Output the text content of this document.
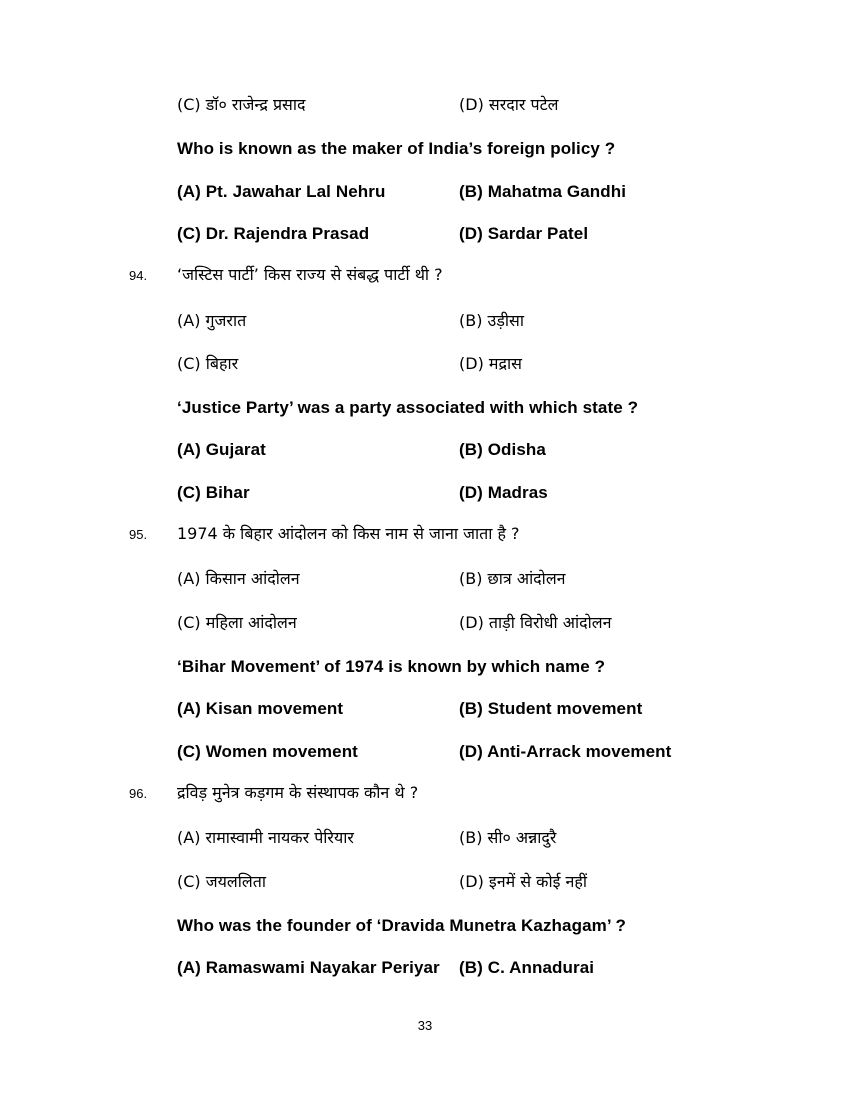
(C) डॉ० राजेन्द्र प्रसाद	(D) सरदार पटेल
Who is known as the maker of India’s foreign policy ?
(A) Pt. Jawahar Lal Nehru	(B) Mahatma Gandhi
(C) Dr. Rajendra Prasad	(D) Sardar Patel
94. ‘जस्टिस पार्टी’ किस राज्य से संबद्ध पार्टी थी ?
(A) गुजरात	(B) उड़ीसा
(C) बिहार	(D) मद्रास
‘Justice Party’ was a party associated with which state ?
(A) Gujarat	(B) Odisha
(C) Bihar	(D) Madras
95. 1974 के बिहार आंदोलन को किस नाम से जाना जाता है ?
(A) किसान आंदोलन	(B) छात्र आंदोलन
(C) महिला आंदोलन	(D) ताड़ी विरोधी आंदोलन
‘Bihar Movement’ of 1974 is known by which name ?
(A) Kisan movement	(B) Student movement
(C) Women movement	(D) Anti-Arrack movement
96. द्रविड़ मुनेत्र कड़गम के संस्थापक कौन थे ?
(A) रामास्वामी नायकर पेरियार	(B) सी० अन्नादुरै
(C) जयललिता	(D) इनमें से कोई नहीं
Who was the founder of ‘Dravida Munetra Kazhagam’ ?
(A) Ramaswami Nayakar Periyar (B) C. Annadurai
33
